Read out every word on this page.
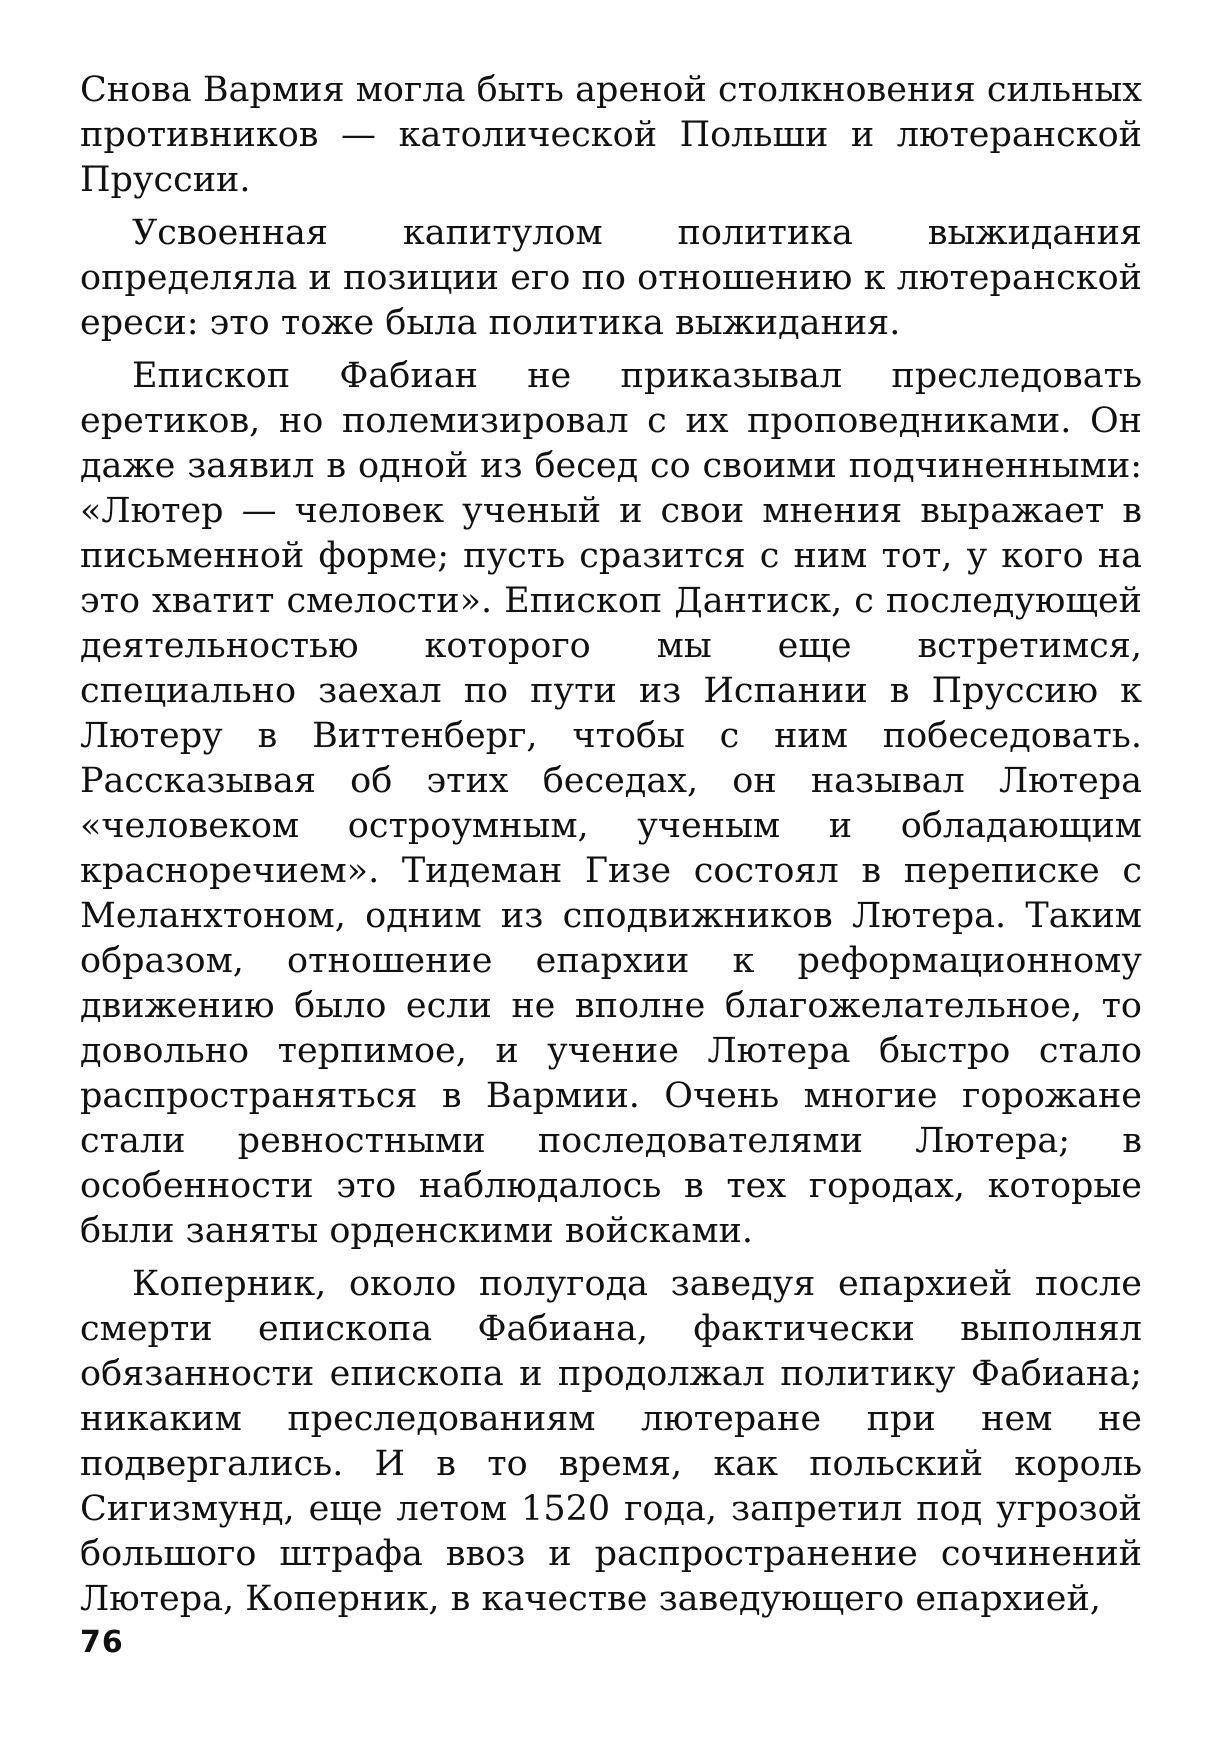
Снова Вармия могла быть ареной столкновения сильных противников — католической Польши и лютеранской Пруссии.

Усвоенная капитулом политика выжидания определяла и позиции его по отношению к лютеранской ереси: это тоже была политика выжидания.

Епископ Фабиан не приказывал преследовать еретиков, но полемизировал с их проповедниками. Он даже заявил в одной из бесед со своими подчиненными: «Лютер — человек ученый и свои мнения выражает в письменной форме; пусть сразится с ним тот, у кого на это хватит смелости». Епископ Дантиск, с последующей деятельностью которого мы еще встретимся, специально заехал по пути из Испании в Пруссию к Лютеру в Виттенберг, чтобы с ним побеседовать. Рассказывая об этих беседах, он называл Лютера «человеком остроумным, ученым и обладающим красноречием». Тидеман Гизе состоял в переписке с Меланхтоном, одним из сподвижников Лютера. Таким образом, отношение епархии к реформационному движению было если не вполне благожелательное, то довольно терпимое, и учение Лютера быстро стало распространяться в Вармии. Очень многие горожане стали ревностными последователями Лютера; в особенности это наблюдалось в тех городах, которые были заняты орденскими войсками.

Коперник, около полугода заведуя епархией после смерти епископа Фабиана, фактически выполнял обязанности епископа и продолжал политику Фабиана; никаким преследованиям лютеране при нем не подвергались. И в то время, как польский король Сигизмунд, еще летом 1520 года, запретил под угрозой большого штрафа ввоз и распространение сочинений Лютера, Коперник, в качестве заведующего епархией,

76
